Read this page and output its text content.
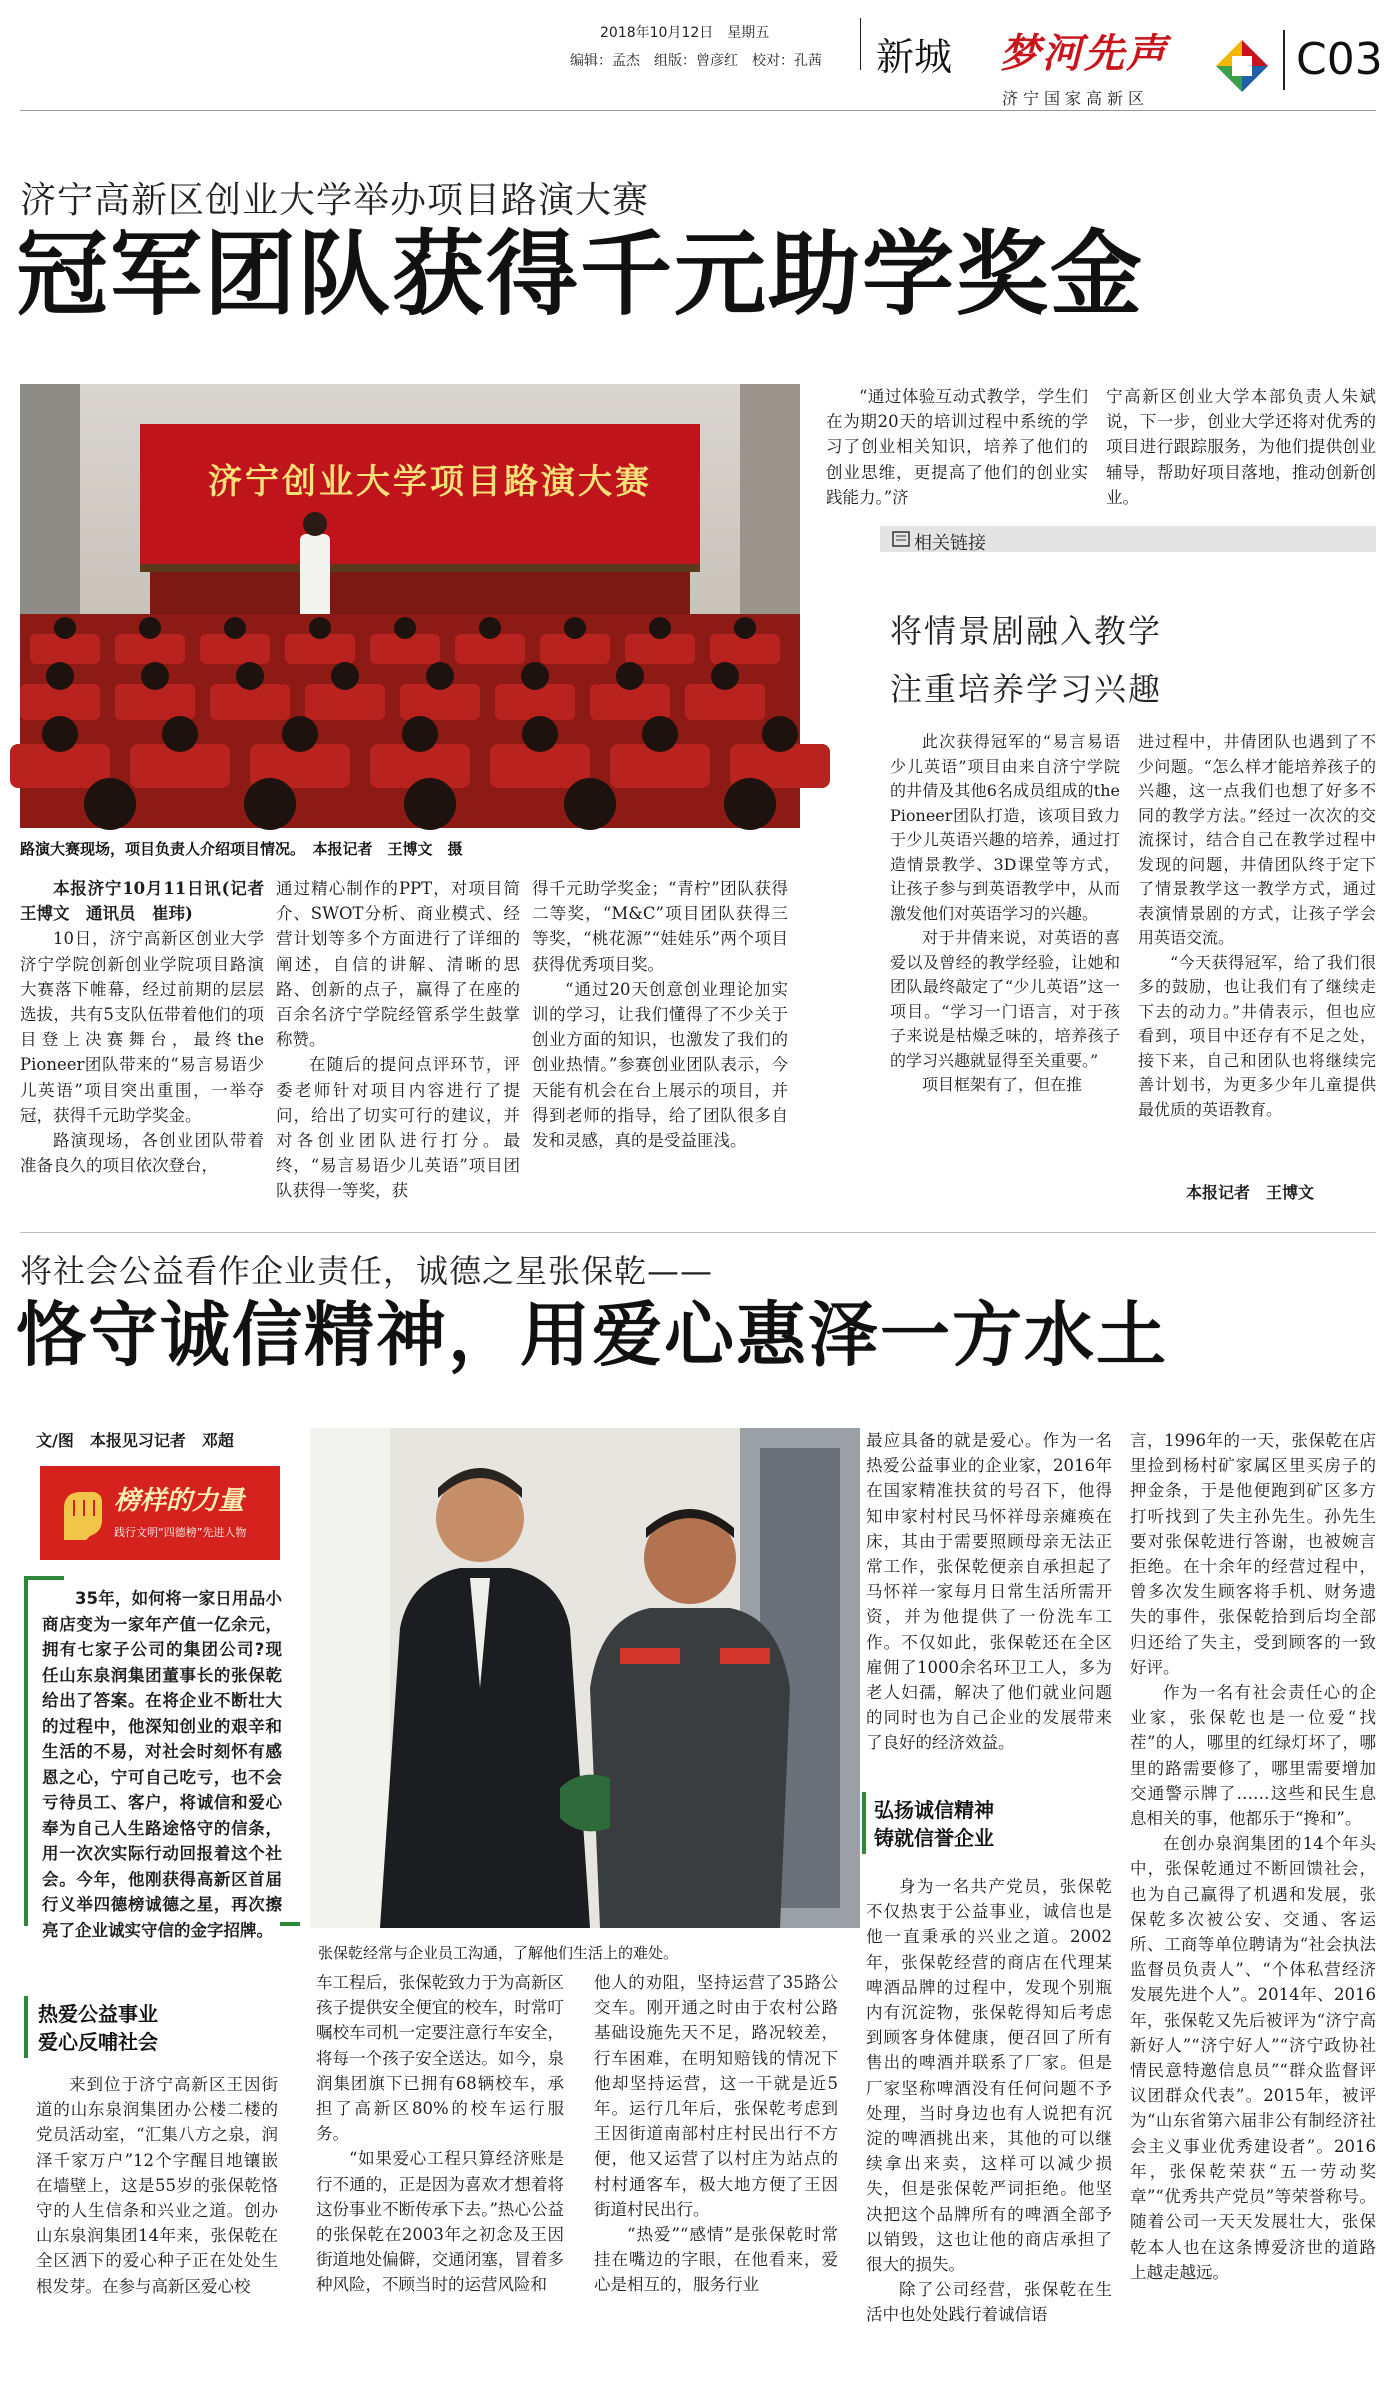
2018年10月12日　星期五
编辑：孟杰　组版：曾彦红　校对：孔茜 新城 梦河先声
济宁国家高新区
C03
济宁高新区创业大学举办项目路演大赛
冠军团队获得千元助学奖金
济宁创业大学项目路演大赛
路演大赛现场，项目负责人介绍项目情况。　本报记者　王博文　摄

本报济宁10月11日讯(记者　王博文　通讯员　崔玮)

10日，济宁高新区创业大学济宁学院创新创业学院项目路演大赛落下帷幕，经过前期的层层选拔，共有5支队伍带着他们的项目登上决赛舞台，最终the Pioneer团队带来的“易言易语少儿英语”项目突出重围，一举夺冠，获得千元助学奖金。

路演现场，各创业团队带着准备良久的项目依次登台，

通过精心制作的PPT，对项目简介、SWOT分析、商业模式、经营计划等多个方面进行了详细的阐述，自信的讲解、清晰的思路、创新的点子，赢得了在座的百余名济宁学院经管系学生鼓掌称赞。

在随后的提问点评环节，评委老师针对项目内容进行了提问，给出了切实可行的建议，并对各创业团队进行打分。最终，“易言易语少儿英语”项目团队获得一等奖，获

得千元助学奖金；“青柠”团队获得二等奖，“M&C”项目团队获得三等奖，“桃花源”“娃娃乐”两个项目获得优秀项目奖。

“通过20天创意创业理论加实训的学习，让我们懂得了不少关于创业方面的知识，也激发了我们的创业热情。”参赛创业团队表示，今天能有机会在台上展示的项目，并得到老师的指导，给了团队很多自发和灵感，真的是受益匪浅。

“通过体验互动式教学，学生们在为期20天的培训过程中系统的学习了创业相关知识，培养了他们的创业思维，更提高了他们的创业实践能力。”济

宁高新区创业大学本部负责人朱斌说，下一步，创业大学还将对优秀的项目进行跟踪服务，为他们提供创业辅导，帮助好项目落地，推动创新创业。

相关链接
将情景剧融入教学
注重培养学习兴趣

此次获得冠军的“易言易语少儿英语”项目由来自济宁学院的井倩及其他6名成员组成的the Pioneer团队打造，该项目致力于少儿英语兴趣的培养，通过打造情景教学、3D课堂等方式，让孩子参与到英语教学中，从而激发他们对英语学习的兴趣。

对于井倩来说，对英语的喜爱以及曾经的教学经验，让她和团队最终敲定了“少儿英语”这一项目。“学习一门语言，对于孩子来说是枯燥乏味的，培养孩子的学习兴趣就显得至关重要。”

项目框架有了，但在推

进过程中，井倩团队也遇到了不少问题。“怎么样才能培养孩子的兴趣，这一点我们也想了好多不同的教学方法。”经过一次次的交流探讨，结合自己在教学过程中发现的问题，井倩团队终于定下了情景教学这一教学方式，通过表演情景剧的方式，让孩子学会用英语交流。

“今天获得冠军，给了我们很多的鼓励，也让我们有了继续走下去的动力。”井倩表示，但也应看到，项目中还存有不足之处，接下来，自己和团队也将继续完善计划书，为更多少年儿童提供最优质的英语教育。

本报记者　王博文
将社会公益看作企业责任，诚德之星张保乾——
恪守诚信精神，用爱心惠泽一方水土
文/图　本报见习记者　邓超
榜样的力量
践行文明“四德榜”先进人物

35年，如何将一家日用品小商店变为一家年产值一亿余元，拥有七家子公司的集团公司?现任山东泉润集团董事长的张保乾给出了答案。在将企业不断壮大的过程中，他深知创业的艰辛和生活的不易，对社会时刻怀有感恩之心，宁可自己吃亏，也不会亏待员工、客户，将诚信和爱心奉为自己人生路途恪守的信条，用一次次实际行动回报着这个社会。今年，他刚获得高新区首届行义举四德榜诚德之星，再次擦亮了企业诚实守信的金字招牌。

张保乾经常与企业员工沟通，了解他们生活上的难处。
热爱公益事业
爱心反哺社会

来到位于济宁高新区王因街道的山东泉润集团办公楼二楼的党员活动室，“汇集八方之泉，润泽千家万户”12个字醒目地镶嵌在墙壁上，这是55岁的张保乾恪守的人生信条和兴业之道。创办山东泉润集团14年来，张保乾在全区洒下的爱心种子正在处处生根发芽。在参与高新区爱心校

车工程后，张保乾致力于为高新区孩子提供安全便宜的校车，时常叮嘱校车司机一定要注意行车安全，将每一个孩子安全送达。如今，泉润集团旗下已拥有68辆校车，承担了高新区80%的校车运行服务。

“如果爱心工程只算经济账是行不通的，正是因为喜欢才想着将这份事业不断传承下去。”热心公益的张保乾在2003年之初念及王因街道地处偏僻，交通闭塞，冒着多种风险，不顾当时的运营风险和

他人的劝阻，坚持运营了35路公交车。刚开通之时由于农村公路基础设施先天不足，路况较差，行车困难，在明知赔钱的情况下他却坚持运营，这一干就是近5年。运行几年后，张保乾考虑到王因街道南部村庄村民出行不方便，他又运营了以村庄为站点的村村通客车，极大地方便了王因街道村民出行。

“热爱”“感情”是张保乾时常挂在嘴边的字眼，在他看来，爱心是相互的，服务行业

最应具备的就是爱心。作为一名热爱公益事业的企业家，2016年在国家精准扶贫的号召下，他得知申家村村民马怀祥母亲瘫痪在床，其由于需要照顾母亲无法正常工作，张保乾便亲自承担起了马怀祥一家每月日常生活所需开资，并为他提供了一份洗车工作。不仅如此，张保乾还在全区雇佣了1000余名环卫工人，多为老人妇孺，解决了他们就业问题的同时也为自己企业的发展带来了良好的经济效益。

弘扬诚信精神
铸就信誉企业

身为一名共产党员，张保乾不仅热衷于公益事业，诚信也是他一直秉承的兴业之道。2002年，张保乾经营的商店在代理某啤酒品牌的过程中，发现个别瓶内有沉淀物，张保乾得知后考虑到顾客身体健康，便召回了所有售出的啤酒并联系了厂家。但是厂家坚称啤酒没有任何问题不予处理，当时身边也有人说把有沉淀的啤酒挑出来，其他的可以继续拿出来卖，这样可以减少损失，但是张保乾严词拒绝。他坚决把这个品牌所有的啤酒全部予以销毁，这也让他的商店承担了很大的损失。

除了公司经营，张保乾在生活中也处处践行着诚信语

言，1996年的一天，张保乾在店里捡到杨村矿家属区里买房子的押金条，于是他便跑到矿区多方打听找到了失主孙先生。孙先生要对张保乾进行答谢，也被婉言拒绝。在十余年的经营过程中，曾多次发生顾客将手机、财务遗失的事件，张保乾拾到后均全部归还给了失主，受到顾客的一致好评。

作为一名有社会责任心的企业家，张保乾也是一位爱“找茬”的人，哪里的红绿灯坏了，哪里的路需要修了，哪里需要增加交通警示牌了……这些和民生息息相关的事，他都乐于“搀和”。

在创办泉润集团的14个年头中，张保乾通过不断回馈社会，也为自己赢得了机遇和发展，张保乾多次被公安、交通、客运所、工商等单位聘请为“社会执法监督员负责人”、“个体私营经济发展先进个人”。2014年、2016年，张保乾又先后被评为“济宁高新好人”“济宁好人”“济宁政协社情民意特邀信息员”“群众监督评议团群众代表”。2015年，被评为“山东省第六届非公有制经济社会主义事业优秀建设者”。2016年，张保乾荣获“五一劳动奖章”“优秀共产党员”等荣誉称号。随着公司一天天发展壮大，张保乾本人也在这条博爱济世的道路上越走越远。
